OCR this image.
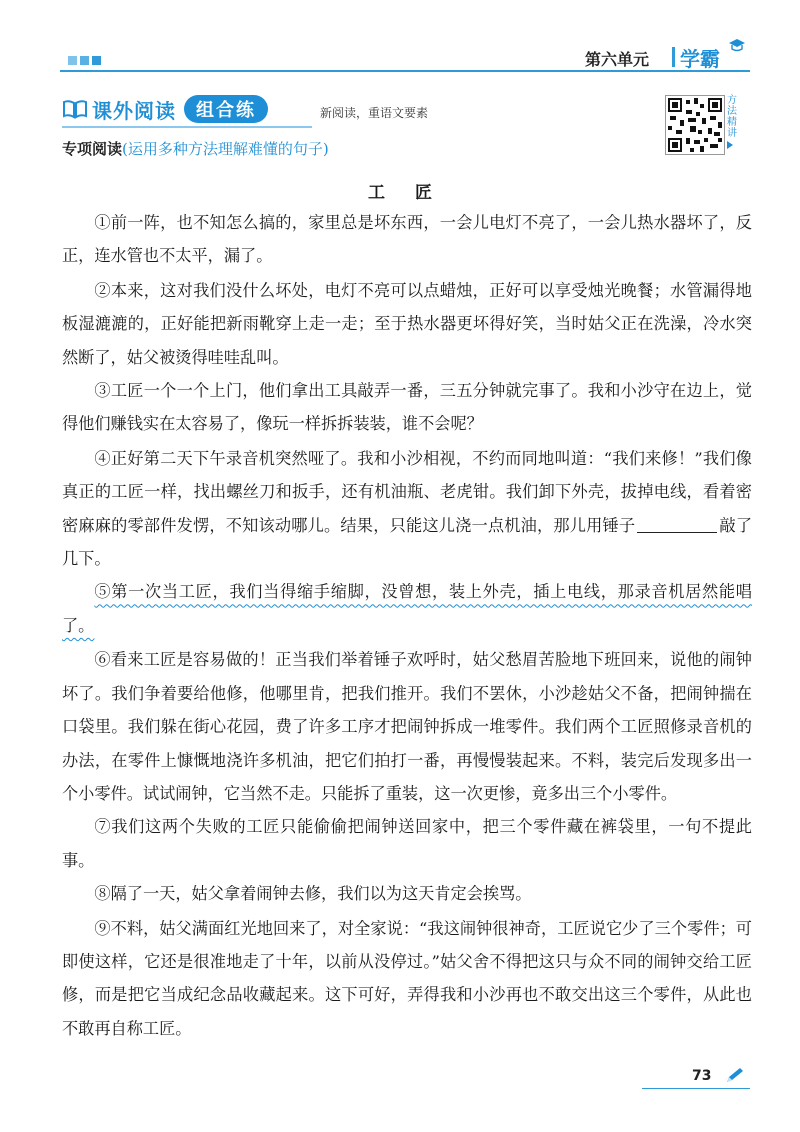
第六单元 学霸
课外阅读	组合练	新阅读，重语文要素
方法精讲
专项阅读(运用多种方法理解难懂的句子)
工匠

①前一阵，也不知怎么搞的，家里总是坏东西，一会儿电灯不亮了，一会儿热水器坏了，反正，连水管也不太平，漏了。

②本来，这对我们没什么坏处，电灯不亮可以点蜡烛，正好可以享受烛光晚餐；水管漏得地板湿漉漉的，正好能把新雨靴穿上走一走；至于热水器更坏得好笑，当时姑父正在洗澡，冷水突然断了，姑父被烫得哇哇乱叫。

③工匠一个一个上门，他们拿出工具敲弄一番，三五分钟就完事了。我和小沙守在边上，觉得他们赚钱实在太容易了，像玩一样拆拆装装，谁不会呢？

④正好第二天下午录音机突然哑了。我和小沙相视，不约而同地叫道：“我们来修！”我们像真正的工匠一样，找出螺丝刀和扳手，还有机油瓶、老虎钳。我们卸下外壳，拔掉电线，看着密密麻麻的零部件发愣，不知该动哪儿。结果，只能这儿浇一点机油，那儿用锤子	敲了几下。

⑤第一次当工匠，我们当得缩手缩脚，没曾想，装上外壳，插上电线，那录音机居然能唱了。

⑥看来工匠是容易做的！正当我们举着锤子欢呼时，姑父愁眉苦脸地下班回来，说他的闹钟坏了。我们争着要给他修，他哪里肯，把我们推开。我们不罢休，小沙趁姑父不备，把闹钟揣在口袋里。我们躲在街心花园，费了许多工序才把闹钟拆成一堆零件。我们两个工匠照修录音机的办法，在零件上慷慨地浇许多机油，把它们拍打一番，再慢慢装起来。不料，装完后发现多出一个小零件。试试闹钟，它当然不走。只能拆了重装，这一次更惨，竟多出三个小零件。

⑦我们这两个失败的工匠只能偷偷把闹钟送回家中，把三个零件藏在裤袋里，一句不提此事。

⑧隔了一天，姑父拿着闹钟去修，我们以为这天肯定会挨骂。

⑨不料，姑父满面红光地回来了，对全家说：“我这闹钟很神奇，工匠说它少了三个零件；可即使这样，它还是很准地走了十年，以前从没停过。”姑父舍不得把这只与众不同的闹钟交给工匠修，而是把它当成纪念品收藏起来。这下可好，弄得我和小沙再也不敢交出这三个零件，从此也不敢再自称工匠。

73
